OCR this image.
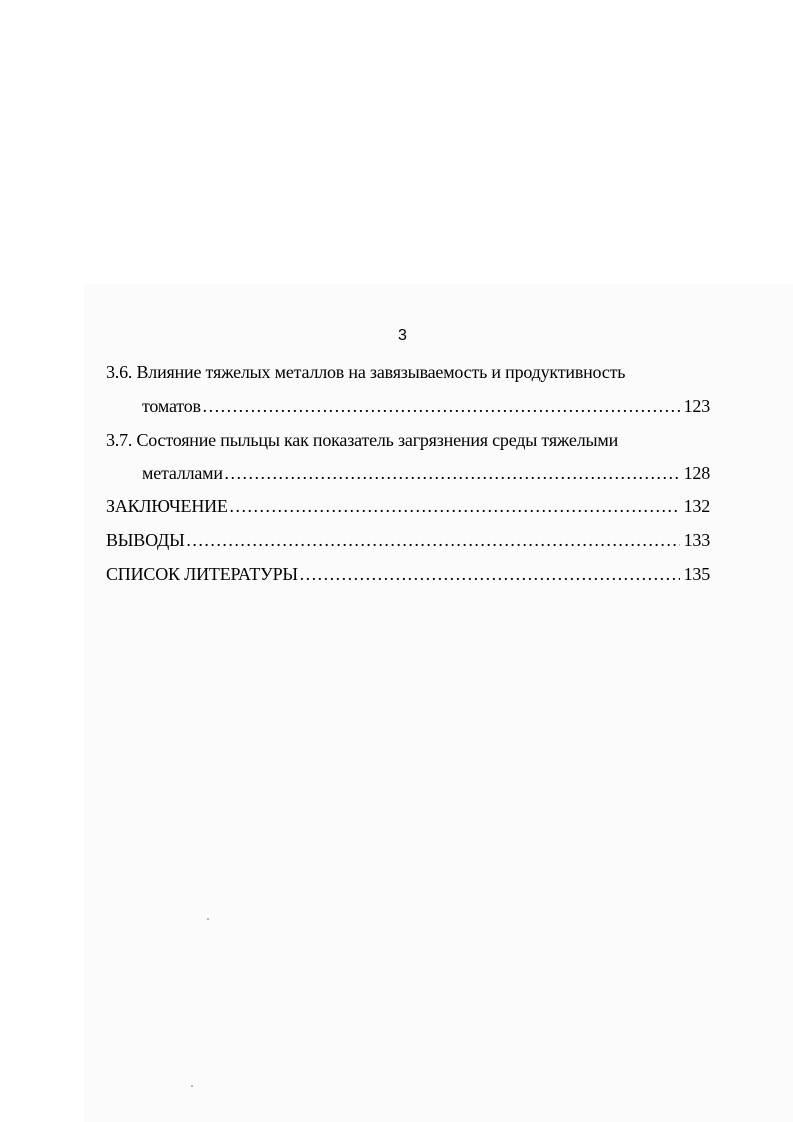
3
3.6. Влияние тяжелых металлов на завязываемость и продуктивность
томатов ………………………………………………………………………………………………………………………………………………………………	123
3.7. Состояние пыльцы как показатель загрязнения среды тяжелыми
металлами ………………………………………………………………………………………………………………………………………………………………	128
ЗАКЛЮЧЕНИЕ ………………………………………………………………………………………………………………………………………………………………	132
ВЫВОДЫ ………………………………………………………………………………………………………………………………………………………………	133
СПИСОК ЛИТЕРАТУРЫ ………………………………………………………………………………………………………………………………………………………………	135
